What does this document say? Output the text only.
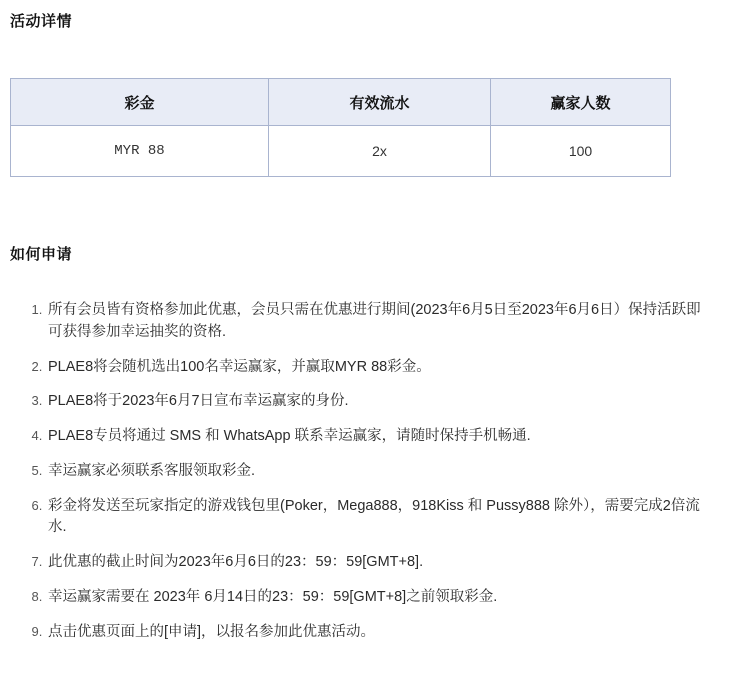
活动详情
彩金	有效流水	赢家人数
MYR 88	2x	100
如何申请
1. 所有会员皆有资格参加此优惠，会员只需在优惠进行期间(2023年6月5日至2023年6月6日）保持活跃即可获得参加幸运抽奖的资格.
2. PLAE8将会随机选出100名幸运赢家，并赢取MYR 88彩金。
3. PLAE8将于2023年6月7日宣布幸运赢家的身份.
4. PLAE8专员将通过 SMS 和 WhatsApp 联系幸运赢家，请随时保持手机畅通.
5. 幸运赢家必须联系客服领取彩金.
6. 彩金将发送至玩家指定的游戏钱包里(Poker，Mega888，918Kiss 和 Pussy888 除外），需要完成2倍流水.
7. 此优惠的截止时间为2023年6月6日的23：59：59[GMT+8].
8. 幸运赢家需要在 2023年 6月14日的23：59：59[GMT+8]之前领取彩金.
9. 点击优惠页面上的[申请]，以报名参加此优惠活动。
